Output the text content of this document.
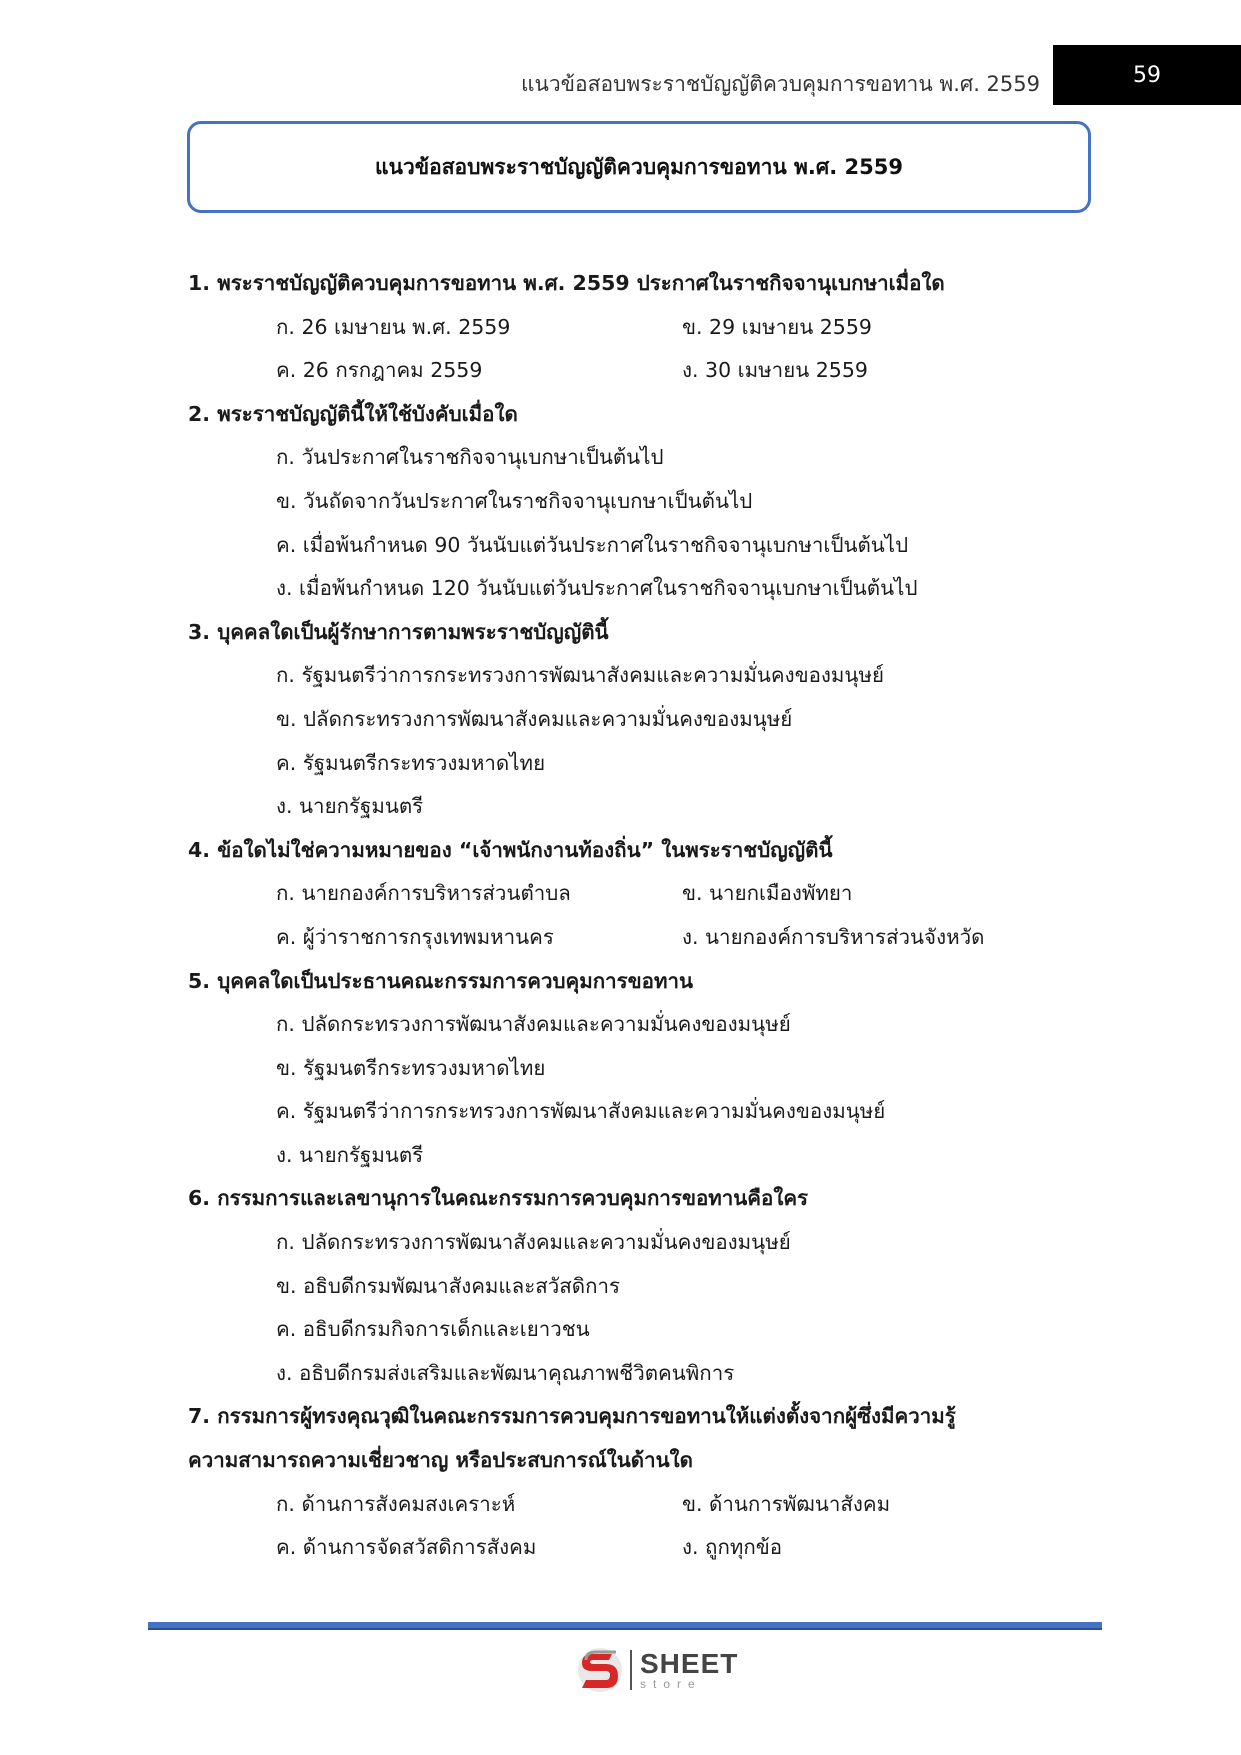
แนวข้อสอบพระราชบัญญัติควบคุมการขอทาน พ.ศ. 2559	59
แนวข้อสอบพระราชบัญญัติควบคุมการขอทาน พ.ศ. 2559
1. พระราชบัญญัติควบคุมการขอทาน พ.ศ. 2559 ประกาศในราชกิจจานุเบกษาเมื่อใด
ก. 26 เมษายน พ.ศ. 2559	ข. 29 เมษายน 2559
ค. 26 กรกฎาคม 2559	ง. 30 เมษายน 2559
2. พระราชบัญญัตินี้ให้ใช้บังคับเมื่อใด
ก. วันประกาศในราชกิจจานุเบกษาเป็นต้นไป
ข. วันถัดจากวันประกาศในราชกิจจานุเบกษาเป็นต้นไป
ค. เมื่อพ้นกำหนด 90 วันนับแต่วันประกาศในราชกิจจานุเบกษาเป็นต้นไป
ง. เมื่อพ้นกำหนด 120 วันนับแต่วันประกาศในราชกิจจานุเบกษาเป็นต้นไป
3. บุคคลใดเป็นผู้รักษาการตามพระราชบัญญัตินี้
ก. รัฐมนตรีว่าการกระทรวงการพัฒนาสังคมและความมั่นคงของมนุษย์
ข. ปลัดกระทรวงการพัฒนาสังคมและความมั่นคงของมนุษย์
ค. รัฐมนตรีกระทรวงมหาดไทย
ง. นายกรัฐมนตรี
4. ข้อใดไม่ใช่ความหมายของ “เจ้าพนักงานท้องถิ่น” ในพระราชบัญญัตินี้
ก. นายกองค์การบริหารส่วนตำบล	ข. นายกเมืองพัทยา
ค. ผู้ว่าราชการกรุงเทพมหานคร	ง. นายกองค์การบริหารส่วนจังหวัด
5. บุคคลใดเป็นประธานคณะกรรมการควบคุมการขอทาน
ก. ปลัดกระทรวงการพัฒนาสังคมและความมั่นคงของมนุษย์
ข. รัฐมนตรีกระทรวงมหาดไทย
ค. รัฐมนตรีว่าการกระทรวงการพัฒนาสังคมและความมั่นคงของมนุษย์
ง. นายกรัฐมนตรี
6. กรรมการและเลขานุการในคณะกรรมการควบคุมการขอทานคือใคร
ก. ปลัดกระทรวงการพัฒนาสังคมและความมั่นคงของมนุษย์
ข. อธิบดีกรมพัฒนาสังคมและสวัสดิการ
ค. อธิบดีกรมกิจการเด็กและเยาวชน
ง. อธิบดีกรมส่งเสริมและพัฒนาคุณภาพชีวิตคนพิการ
7. กรรมการผู้ทรงคุณวุฒิในคณะกรรมการควบคุมการขอทานให้แต่งตั้งจากผู้ซึ่งมีความรู้
ความสามารถความเชี่ยวชาญ หรือประสบการณ์ในด้านใด
ก. ด้านการสังคมสงเคราะห์	ข. ด้านการพัฒนาสังคม
ค. ด้านการจัดสวัสดิการสังคม	ง. ถูกทุกข้อ
SHEET
store
